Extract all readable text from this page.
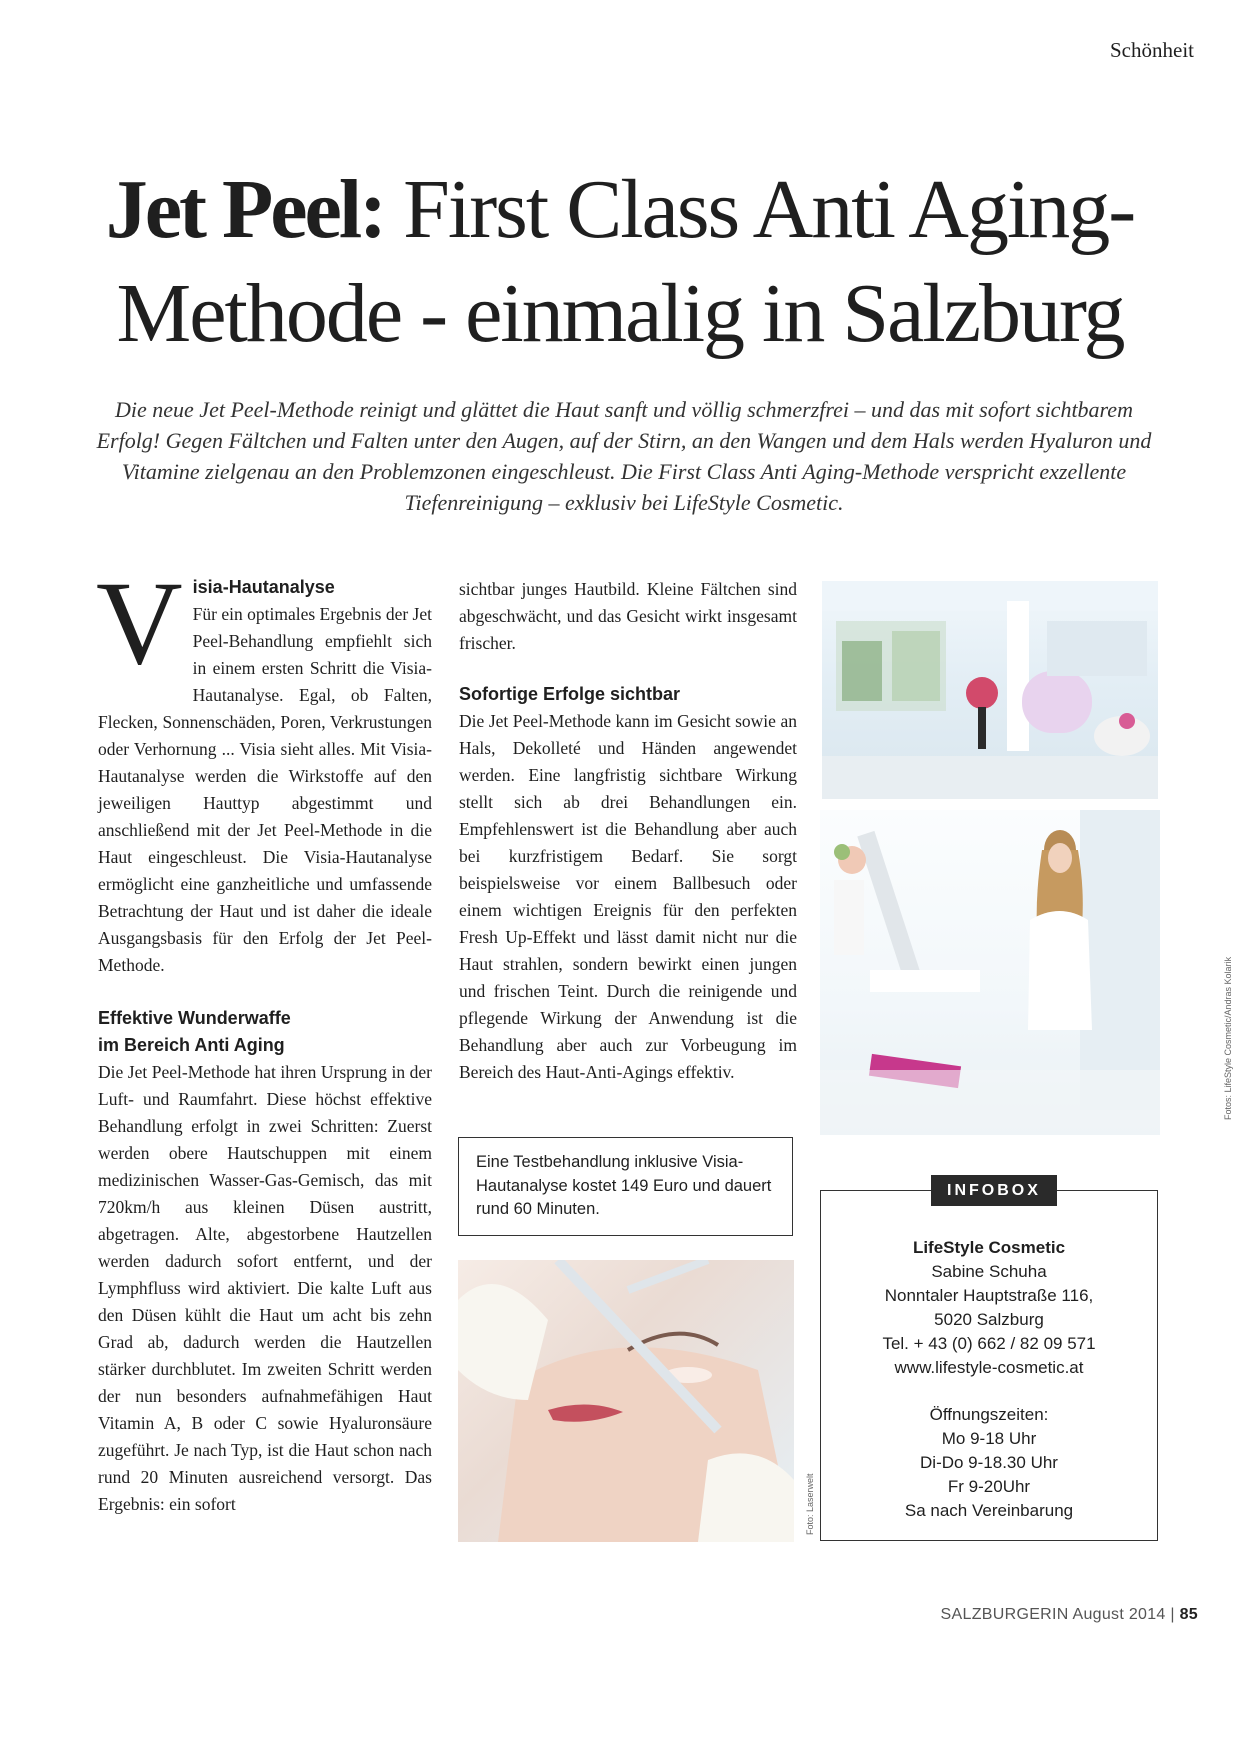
Schönheit
Jet Peel: First Class Anti Aging-Methode - einmalig in Salzburg

Die neue Jet Peel-Methode reinigt und glättet die Haut sanft und völlig schmerzfrei – und das mit sofort sichtbarem Erfolg! Gegen Fältchen und Falten unter den Augen, auf der Stirn, an den Wangen und dem Hals werden Hyaluron und Vitamine zielgenau an den Problemzonen eingeschleust. Die First Class Anti Aging-Methode verspricht exzellente Tiefenreinigung – exklusiv bei LifeStyle Cosmetic.

V isia-Hautanalyse

Für ein optimales Ergebnis der Jet Peel-Behandlung empfiehlt sich in einem ersten Schritt die Visia-Hautanalyse. Egal, ob Falten, Flecken, Sonnenschäden, Poren, Verkrustungen oder Verhornung ... Visia sieht alles. Mit Visia-Hautanalyse werden die Wirkstoffe auf den jeweiligen Hauttyp abgestimmt und anschließend mit der Jet Peel-Methode in die Haut eingeschleust. Die Visia-Hautanalyse ermöglicht eine ganzheitliche und umfassende Betrachtung der Haut und ist daher die ideale Ausgangsbasis für den Erfolg der Jet Peel-Methode.

Effektive Wunderwaffe
im Bereich Anti Aging

Die Jet Peel-Methode hat ihren Ursprung in der Luft- und Raumfahrt. Diese höchst effektive Behandlung erfolgt in zwei Schritten: Zuerst werden obere Hautschuppen mit einem medizinischen Wasser-Gas-Gemisch, das mit 720km/h aus kleinen Düsen austritt, abgetragen. Alte, abgestorbene Hautzellen werden dadurch sofort entfernt, und der Lymphfluss wird aktiviert. Die kalte Luft aus den Düsen kühlt die Haut um acht bis zehn Grad ab, dadurch werden die Hautzellen stärker durchblutet. Im zweiten Schritt werden der nun besonders aufnahmefähigen Haut Vitamin A, B oder C sowie Hyaluronsäure zugeführt. Je nach Typ, ist die Haut schon nach rund 20 Minuten ausreichend versorgt. Das Ergebnis: ein sofort

sichtbar junges Hautbild. Kleine Fältchen sind abgeschwächt, und das Gesicht wirkt insgesamt frischer.

Sofortige Erfolge sichtbar

Die Jet Peel-Methode kann im Gesicht sowie an Hals, Dekolleté und Händen angewendet werden. Eine langfristig sichtbare Wirkung stellt sich ab drei Behandlungen ein. Empfehlenswert ist die Behandlung aber auch bei kurzfristigem Bedarf. Sie sorgt beispielsweise vor einem Ballbesuch oder einem wichtigen Ereignis für den perfekten Fresh Up-Effekt und lässt damit nicht nur die Haut strahlen, sondern bewirkt einen jungen und frischen Teint. Durch die reinigende und pflegende Wirkung der Anwendung ist die Behandlung aber auch zur Vorbeugung im Bereich des Haut-Anti-Agings effektiv.	Fotos: LifeStyle Cosmetic/Andras Kolarik
Eine Testbehandlung inklusive Visia-Hautanalyse kostet 149 Euro und dauert rund 60 Minuten.
Foto: Laserwelt
INFOBOX
LifeStyle Cosmetic
Sabine Schuha
Nonntaler Hauptstraße 116,
5020 Salzburg
Tel. + 43 (0) 662 / 82 09 571
www.lifestyle-cosmetic.at
Öffnungszeiten:
Mo 9-18 Uhr
Di-Do 9-18.30 Uhr
Fr 9-20Uhr
Sa nach Vereinbarung
SALZBURGERIN August 2014 | 85
